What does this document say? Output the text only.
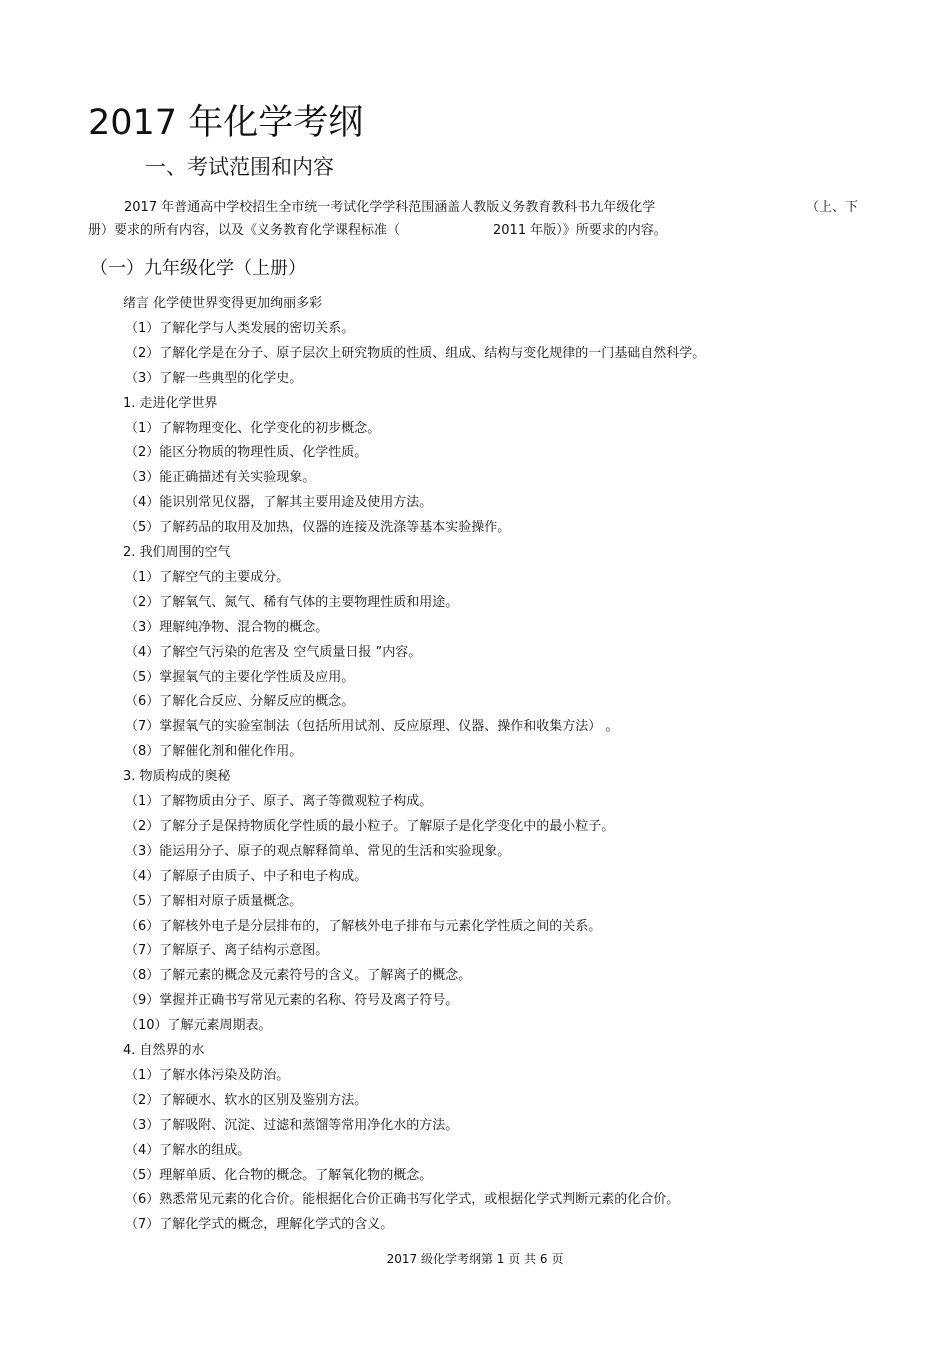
2017 年化学考纲
一、考试范围和内容
2017 年普通高中学校招生全市统一考试化学学科范围涵盖人教版义务教育教科书九年级化学	（上、下
册）要求的所有内容，以及《义务教育化学课程标准（	2011 年版）》所要求的内容。
（一）九年级化学（上册）
绪言 化学使世界变得更加绚丽多彩
（1）了解化学与人类发展的密切关系。
（2）了解化学是在分子、原子层次上研究物质的性质、组成、结构与变化规律的一门基础自然科学。
（3）了解一些典型的化学史。
1. 走进化学世界
（1）了解物理变化、化学变化的初步概念。
（2）能区分物质的物理性质、化学性质。
（3）能正确描述有关实验现象。
（4）能识别常见仪器，了解其主要用途及使用方法。
（5）了解药品的取用及加热，仪器的连接及洗涤等基本实验操作。
2. 我们周围的空气
（1）了解空气的主要成分。
（2）了解氧气、氮气、稀有气体的主要物理性质和用途。
（3）理解纯净物、混合物的概念。
（4）了解空气污染的危害及 空气质量日报 ”内容。
（5）掌握氧气的主要化学性质及应用。
（6）了解化合反应、分解反应的概念。
（7）掌握氧气的实验室制法（包括所用试剂、反应原理、仪器、操作和收集方法） 。
（8）了解催化剂和催化作用。
3. 物质构成的奥秘
（1）了解物质由分子、原子、离子等微观粒子构成。
（2）了解分子是保持物质化学性质的最小粒子。了解原子是化学变化中的最小粒子。
（3）能运用分子、原子的观点解释简单、常见的生活和实验现象。
（4）了解原子由质子、中子和电子构成。
（5）了解相对原子质量概念。
（6）了解核外电子是分层排布的，了解核外电子排布与元素化学性质之间的关系。
（7）了解原子、离子结构示意图。
（8）了解元素的概念及元素符号的含义。了解离子的概念。
（9）掌握并正确书写常见元素的名称、符号及离子符号。
（10）了解元素周期表。
4. 自然界的水
（1）了解水体污染及防治。
（2）了解硬水、软水的区别及鉴别方法。
（3）了解吸附、沉淀、过滤和蒸馏等常用净化水的方法。
（4）了解水的组成。
（5）理解单质、化合物的概念。了解氧化物的概念。
（6）熟悉常见元素的化合价。能根据化合价正确书写化学式，或根据化学式判断元素的化合价。
（7）了解化学式的概念，理解化学式的含义。
2017 级化学考纲第 1 页 共 6 页
